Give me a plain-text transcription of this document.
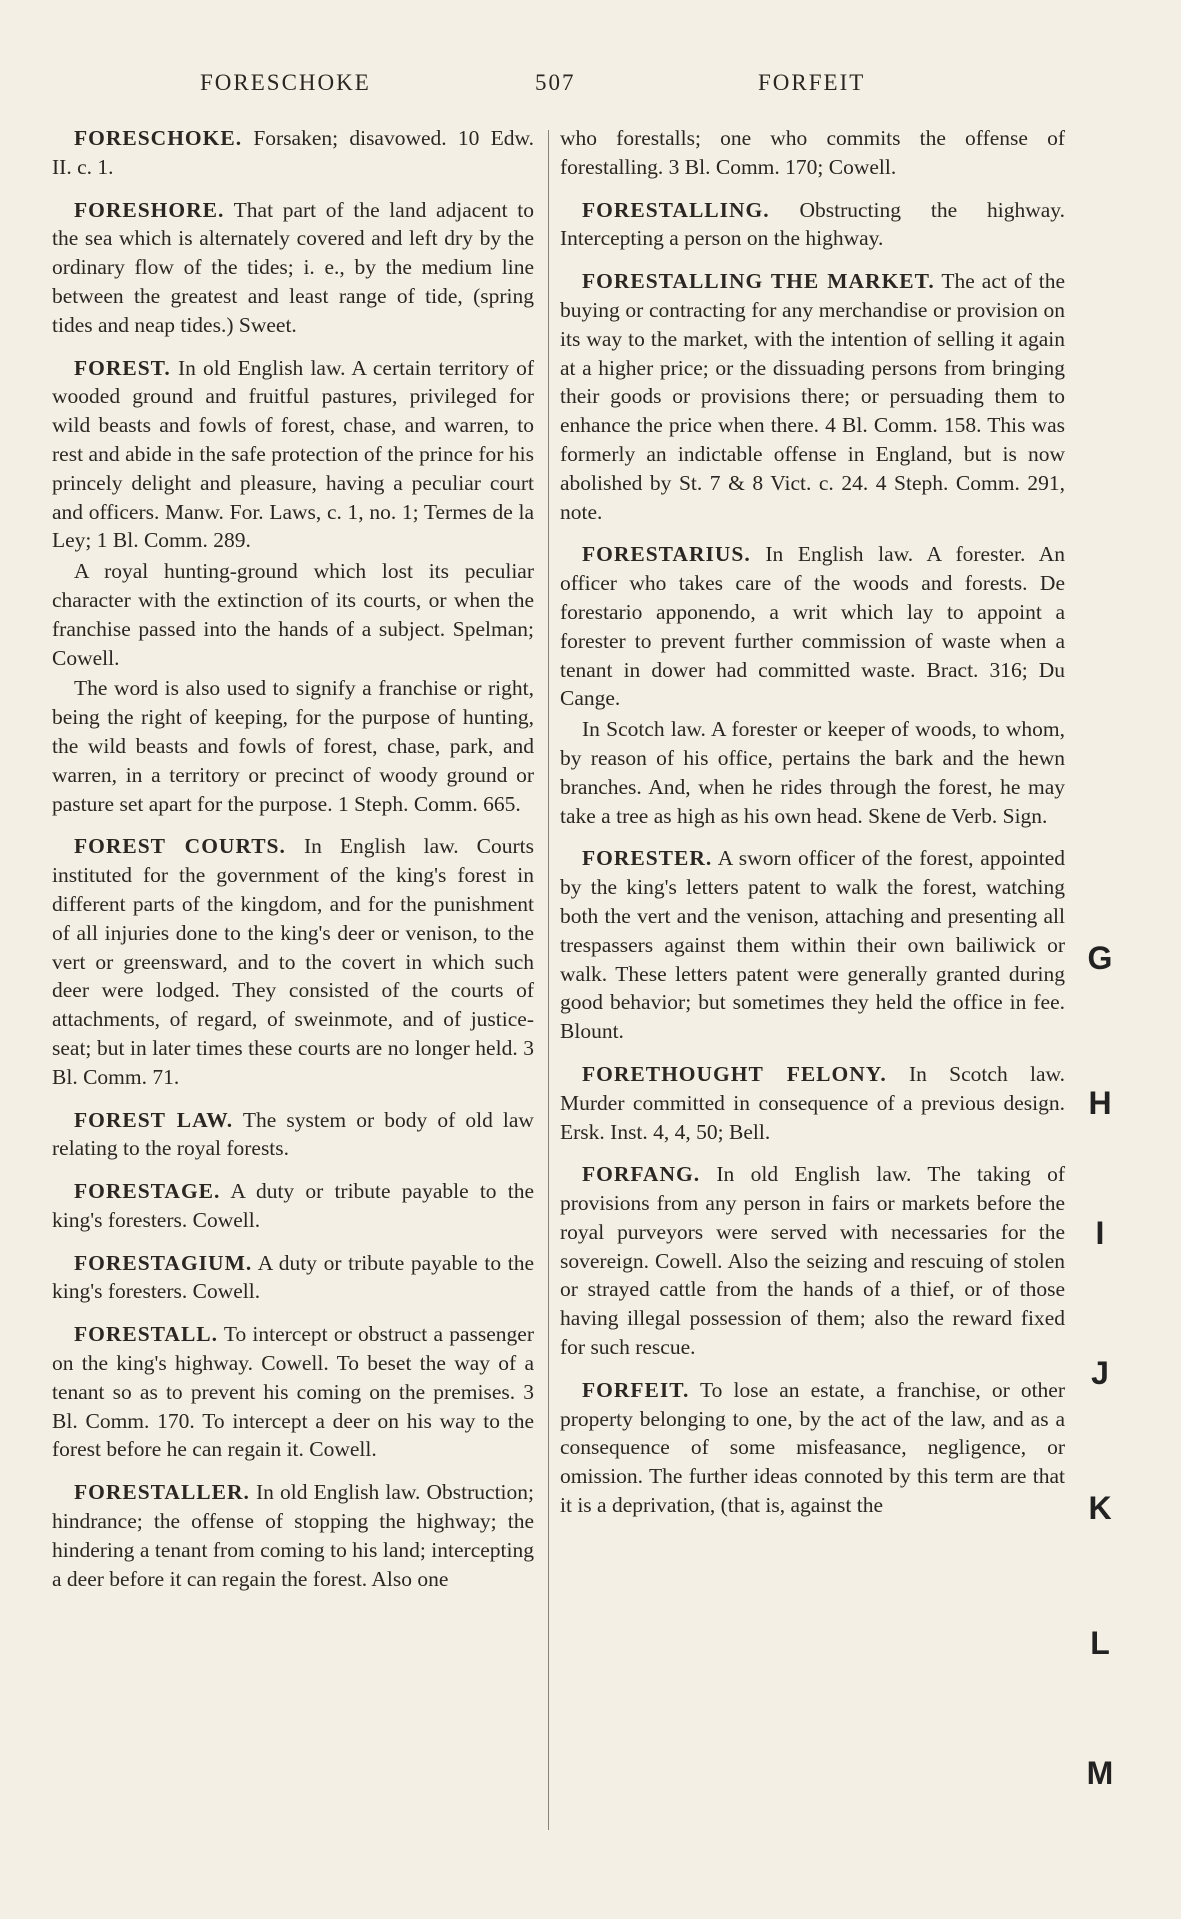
FORESCHOKE	507	FORFEIT

FORESCHOKE. Forsaken; disavowed. 10 Edw. II. c. 1.

FORESHORE. That part of the land adjacent to the sea which is alternately covered and left dry by the ordinary flow of the tides; i. e., by the medium line between the greatest and least range of tide, (spring tides and neap tides.) Sweet.

FOREST. In old English law. A certain territory of wooded ground and fruitful pastures, privileged for wild beasts and fowls of forest, chase, and warren, to rest and abide in the safe protection of the prince for his princely delight and pleasure, having a peculiar court and officers. Manw. For. Laws, c. 1, no. 1; Termes de la Ley; 1 Bl. Comm. 289.

A royal hunting-ground which lost its peculiar character with the extinction of its courts, or when the franchise passed into the hands of a subject. Spelman; Cowell.

The word is also used to signify a franchise or right, being the right of keeping, for the purpose of hunting, the wild beasts and fowls of forest, chase, park, and warren, in a territory or precinct of woody ground or pasture set apart for the purpose. 1 Steph. Comm. 665.

FOREST COURTS. In English law. Courts instituted for the government of the king's forest in different parts of the kingdom, and for the punishment of all injuries done to the king's deer or venison, to the vert or greensward, and to the covert in which such deer were lodged. They consisted of the courts of attachments, of regard, of sweinmote, and of justice-seat; but in later times these courts are no longer held. 3 Bl. Comm. 71.

FOREST LAW. The system or body of old law relating to the royal forests.

FORESTAGE. A duty or tribute payable to the king's foresters. Cowell.

FORESTAGIUM. A duty or tribute payable to the king's foresters. Cowell.

FORESTALL. To intercept or obstruct a passenger on the king's highway. Cowell. To beset the way of a tenant so as to prevent his coming on the premises. 3 Bl. Comm. 170. To intercept a deer on his way to the forest before he can regain it. Cowell.

FORESTALLER. In old English law. Obstruction; hindrance; the offense of stopping the highway; the hindering a tenant from coming to his land; intercepting a deer before it can regain the forest. Also one

who forestalls; one who commits the offense of forestalling. 3 Bl. Comm. 170; Cowell.

FORESTALLING. Obstructing the highway. Intercepting a person on the highway.

FORESTALLING THE MARKET. The act of the buying or contracting for any merchandise or provision on its way to the market, with the intention of selling it again at a higher price; or the dissuading persons from bringing their goods or provisions there; or persuading them to enhance the price when there. 4 Bl. Comm. 158. This was formerly an indictable offense in England, but is now abolished by St. 7 & 8 Vict. c. 24. 4 Steph. Comm. 291, note.

FORESTARIUS. In English law. A forester. An officer who takes care of the woods and forests. De forestario apponendo, a writ which lay to appoint a forester to prevent further commission of waste when a tenant in dower had committed waste. Bract. 316; Du Cange.

In Scotch law. A forester or keeper of woods, to whom, by reason of his office, pertains the bark and the hewn branches. And, when he rides through the forest, he may take a tree as high as his own head. Skene de Verb. Sign.

FORESTER. A sworn officer of the forest, appointed by the king's letters patent to walk the forest, watching both the vert and the venison, attaching and presenting all trespassers against them within their own bailiwick or walk. These letters patent were generally granted during good behavior; but sometimes they held the office in fee. Blount.

FORETHOUGHT FELONY. In Scotch law. Murder committed in consequence of a previous design. Ersk. Inst. 4, 4, 50; Bell.

FORFANG. In old English law. The taking of provisions from any person in fairs or markets before the royal purveyors were served with necessaries for the sovereign. Cowell. Also the seizing and rescuing of stolen or strayed cattle from the hands of a thief, or of those having illegal possession of them; also the reward fixed for such rescue.

FORFEIT. To lose an estate, a franchise, or other property belonging to one, by the act of the law, and as a consequence of some misfeasance, negligence, or omission. The further ideas connoted by this term are that it is a deprivation, (that is, against the

G
H
I
J
K
L
M
